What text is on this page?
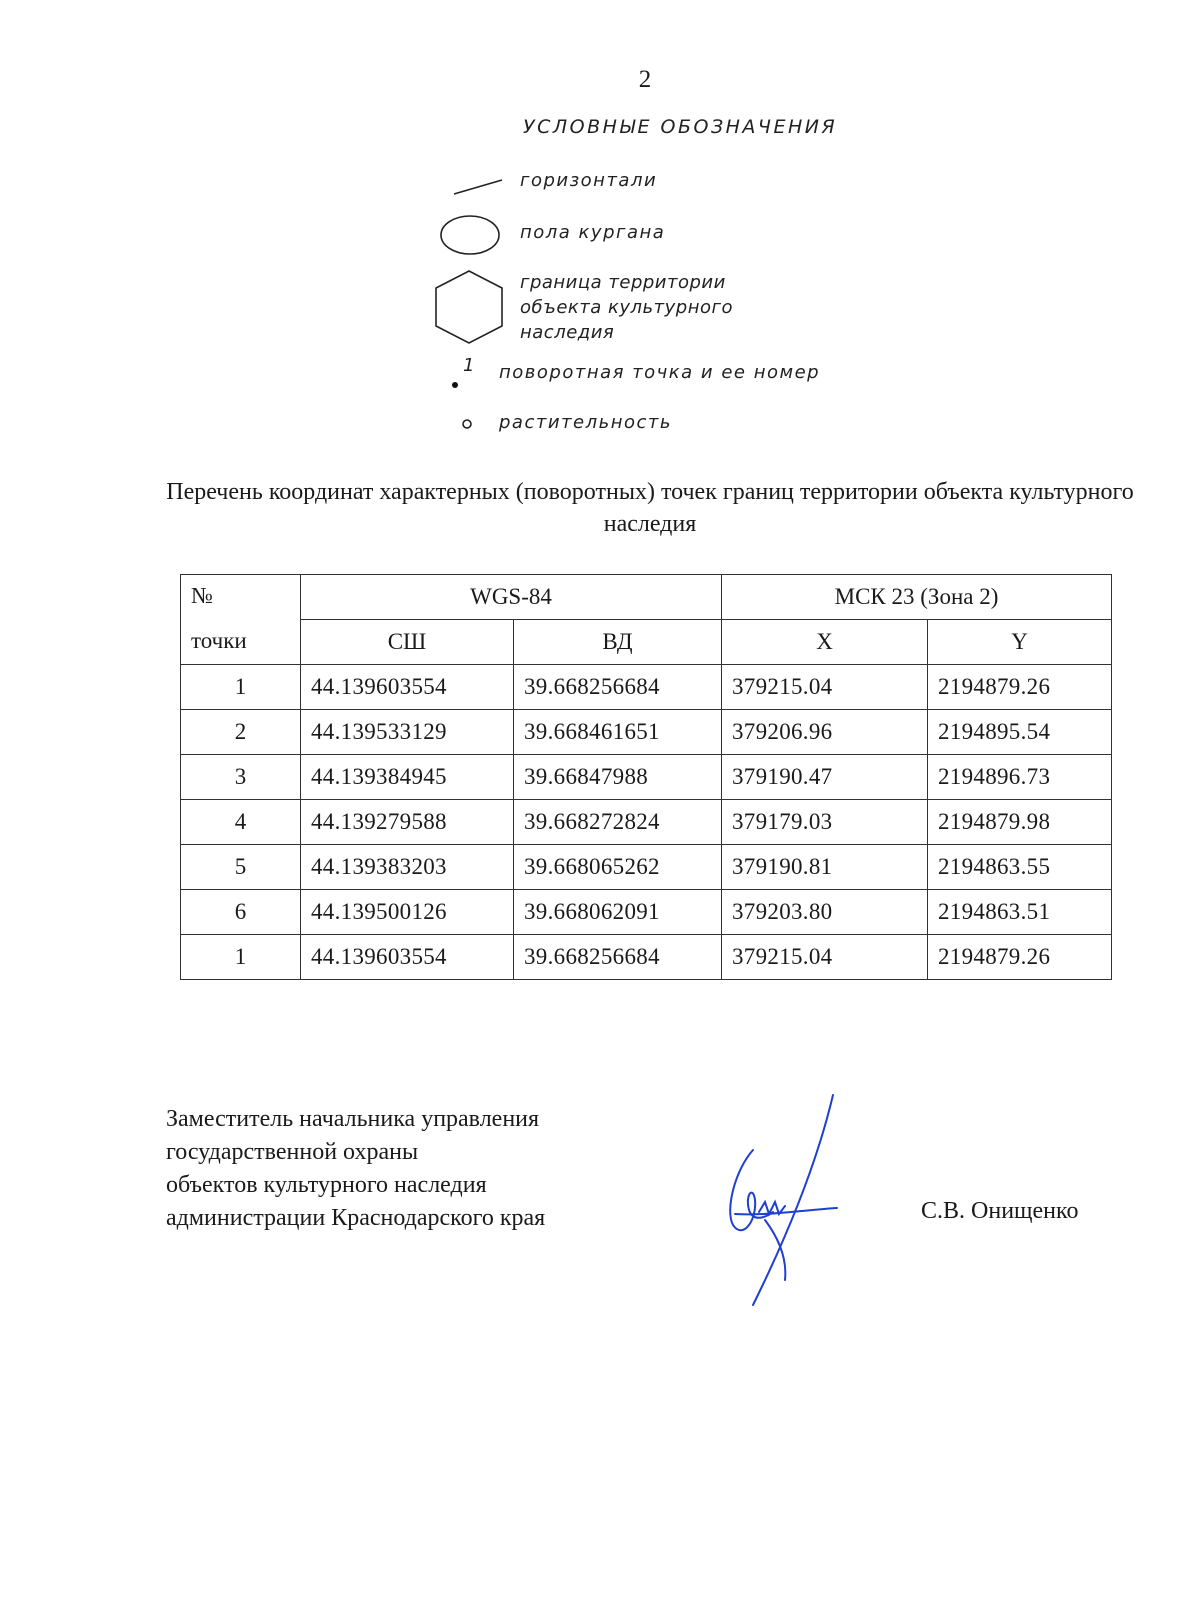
2
УСЛОВНЫЕ ОБОЗНАЧЕНИЯ
горизонтали
пола кургана
граница территории объекта культурного наследия
1 поворотная точка и ее номер
растительность
Перечень координат характерных (поворотных) точек границ территории объекта культурного наследия
№	WGS-84		МСК 23 (Зона 2)	
точки	СШ	ВД	X	Y
1	44.139603554	39.668256684	379215.04	2194879.26
2	44.139533129	39.668461651	379206.96	2194895.54
3	44.139384945	39.66847988	379190.47	2194896.73
4	44.139279588	39.668272824	379179.03	2194879.98
5	44.139383203	39.668065262	379190.81	2194863.55
6	44.139500126	39.668062091	379203.80	2194863.51
1	44.139603554	39.668256684	379215.04	2194879.26
Заместитель начальника управления
государственной охраны
объектов культурного наследия
администрации Краснодарского края	С.В. Онищенко
